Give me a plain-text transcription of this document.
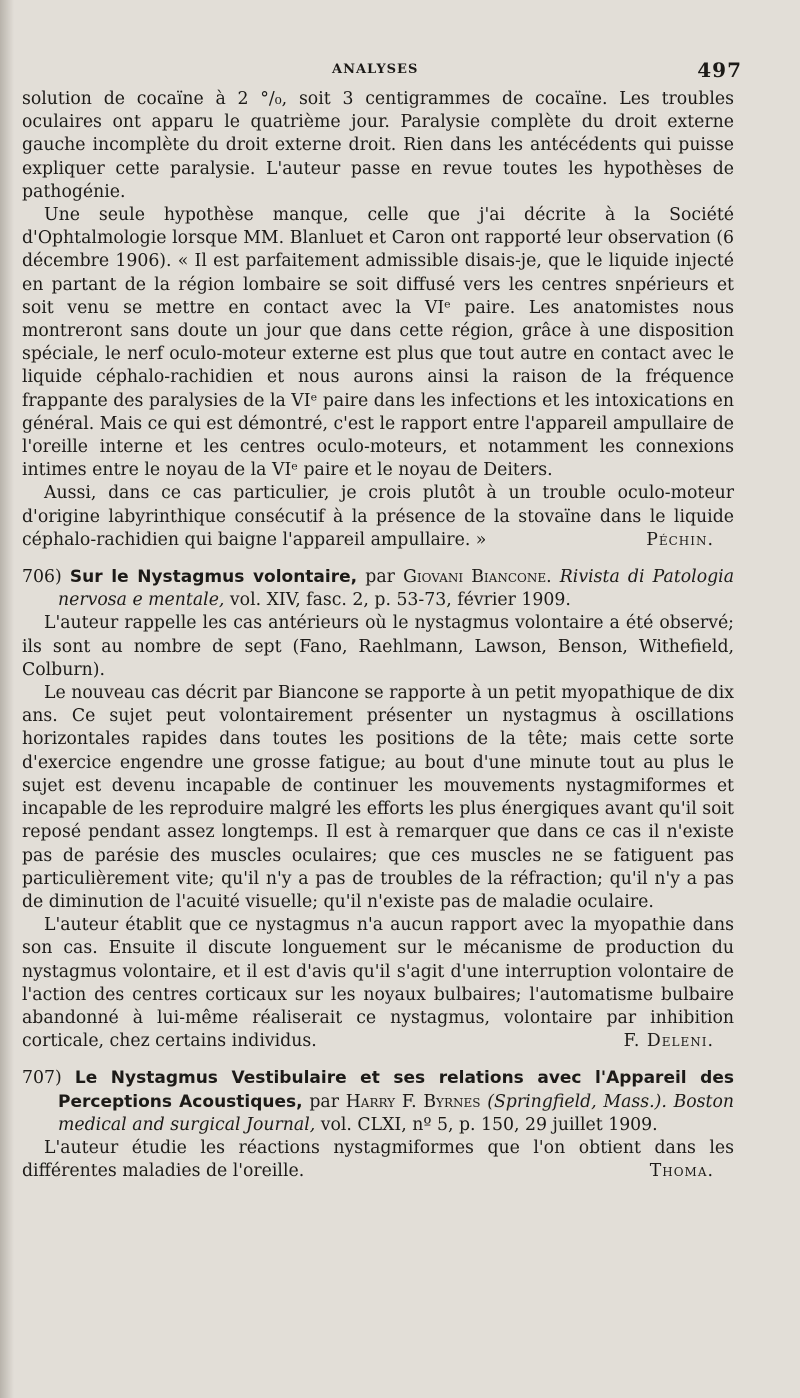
ANALYSES	497

solution de cocaïne à 2 °/₀, soit 3 centigrammes de cocaïne. Les troubles oculaires ont apparu le quatrième jour. Paralysie complète du droit externe gauche incomplète du droit externe droit. Rien dans les antécédents qui puisse expliquer cette paralysie. L'auteur passe en revue toutes les hypothèses de pathogénie.

Une seule hypothèse manque, celle que j'ai décrite à la Société d'Ophtalmologie lorsque MM. Blanluet et Caron ont rapporté leur observation (6 décembre 1906). « Il est parfaitement admissible disais-je, que le liquide injecté en partant de la région lombaire se soit diffusé vers les centres snpérieurs et soit venu se mettre en contact avec la VIᵉ paire. Les anatomistes nous montreront sans doute un jour que dans cette région, grâce à une disposition spéciale, le nerf oculo-moteur externe est plus que tout autre en contact avec le liquide céphalo-rachidien et nous aurons ainsi la raison de la fréquence frappante des paralysies de la VIᵉ paire dans les infections et les intoxications en général. Mais ce qui est démontré, c'est le rapport entre l'appareil ampullaire de l'oreille interne et les centres oculo-moteurs, et notamment les connexions intimes entre le noyau de la VIᵉ paire et le noyau de Deiters.

Aussi, dans ce cas particulier, je crois plutôt à un trouble oculo-moteur d'origine labyrinthique consécutif à la présence de la stovaïne dans le liquide céphalo-rachidien qui baigne l'appareil ampullaire. »	Péchin.

706) Sur le Nystagmus volontaire, par Giovani Biancone. Rivista di Patologia nervosa e mentale, vol. XIV, fasc. 2, p. 53-73, février 1909.

L'auteur rappelle les cas antérieurs où le nystagmus volontaire a été observé; ils sont au nombre de sept (Fano, Raehlmann, Lawson, Benson, Withefield, Colburn).

Le nouveau cas décrit par Biancone se rapporte à un petit myopathique de dix ans. Ce sujet peut volontairement présenter un nystagmus à oscillations horizontales rapides dans toutes les positions de la tête; mais cette sorte d'exercice engendre une grosse fatigue; au bout d'une minute tout au plus le sujet est devenu incapable de continuer les mouvements nystagmiformes et incapable de les reproduire malgré les efforts les plus énergiques avant qu'il soit reposé pendant assez longtemps. Il est à remarquer que dans ce cas il n'existe pas de parésie des muscles oculaires; que ces muscles ne se fatiguent pas particulièrement vite; qu'il n'y a pas de troubles de la réfraction; qu'il n'y a pas de diminution de l'acuité visuelle; qu'il n'existe pas de maladie oculaire.

L'auteur établit que ce nystagmus n'a aucun rapport avec la myopathie dans son cas. Ensuite il discute longuement sur le mécanisme de production du nystagmus volontaire, et il est d'avis qu'il s'agit d'une interruption volontaire de l'action des centres corticaux sur les noyaux bulbaires; l'automatisme bulbaire abandonné à lui-même réaliserait ce nystagmus, volontaire par inhibition corticale, chez certains individus.	F. Deleni.

707) Le Nystagmus Vestibulaire et ses relations avec l'Appareil des Perceptions Acoustiques, par Harry F. Byrnes (Springfield, Mass.). Boston medical and surgical Journal, vol. CLXI, nº 5, p. 150, 29 juillet 1909.

L'auteur étudie les réactions nystagmiformes que l'on obtient dans les différentes maladies de l'oreille.	Thoma.
